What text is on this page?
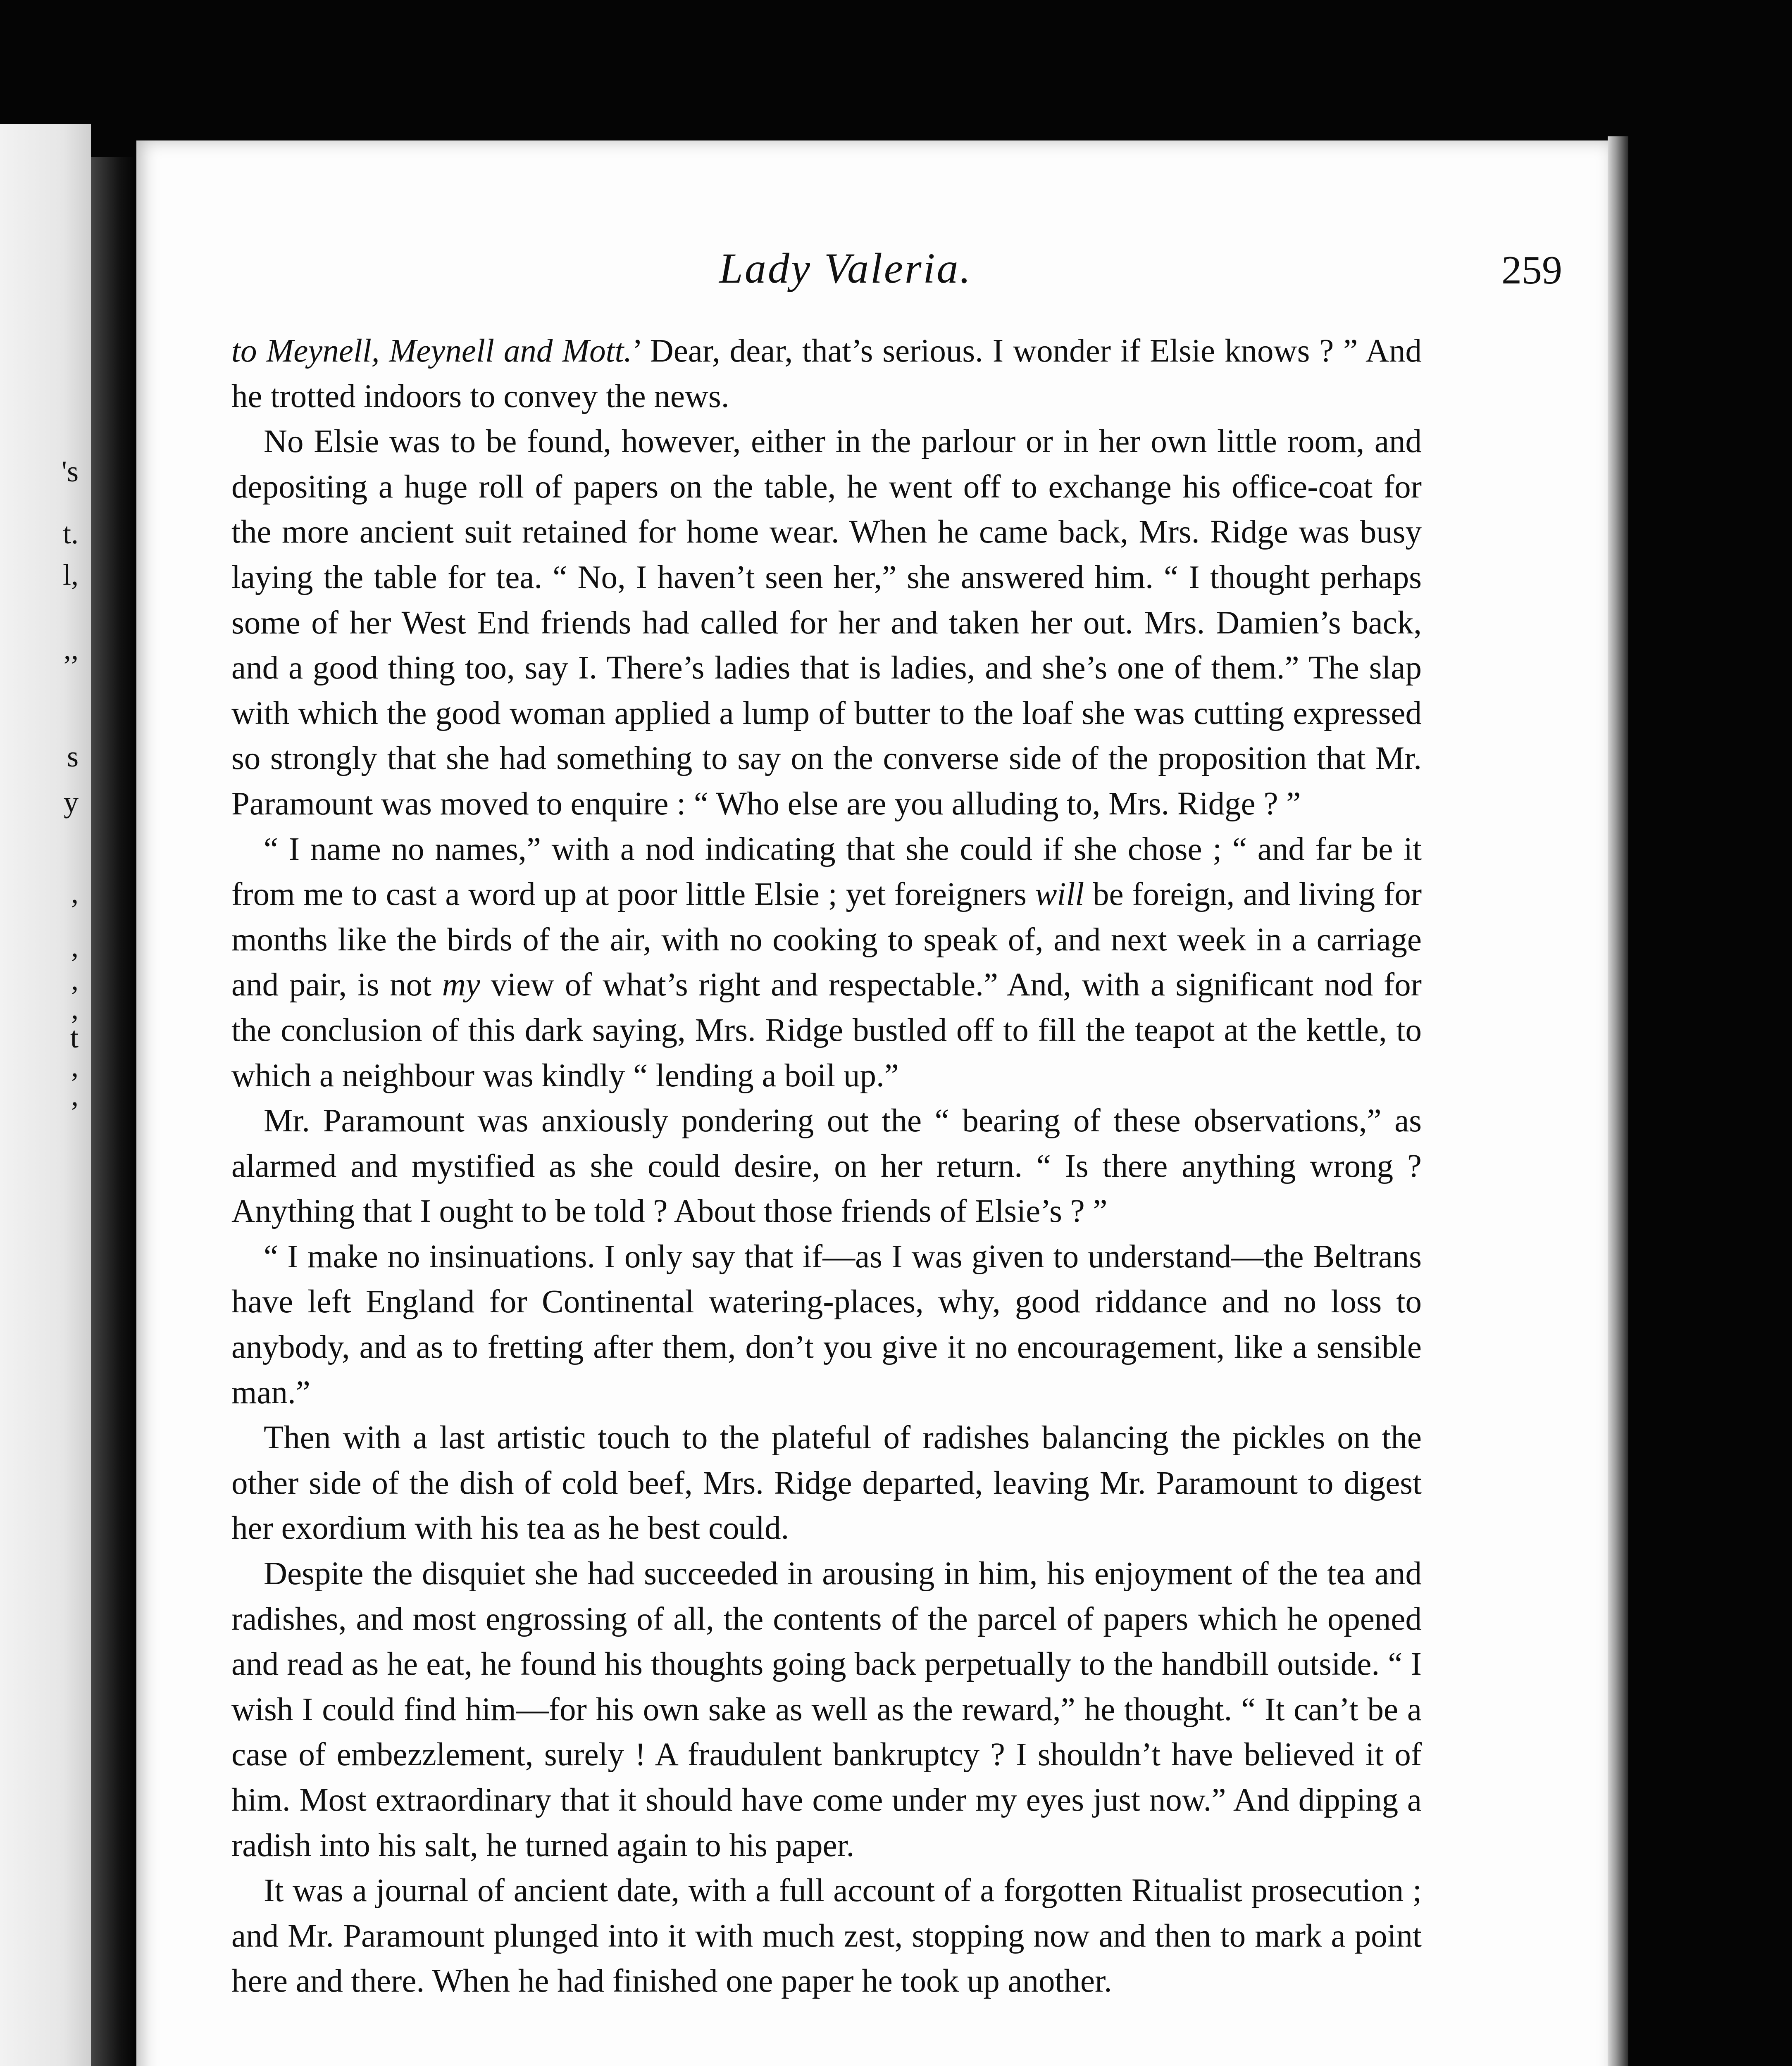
's
t.
l,
,,
s
y
,
,
,
,
t
,
,
Lady Valeria.	259

to Meynell, Meynell and Mott.’ Dear, dear, that’s serious. I wonder if Elsie knows ? ” And he trotted indoors to convey the news.

No Elsie was to be found, however, either in the parlour or in her own little room, and depositing a huge roll of papers on the table, he went off to exchange his office-coat for the more ancient suit retained for home wear. When he came back, Mrs. Ridge was busy laying the table for tea. “ No, I haven’t seen her,” she answered him. “ I thought perhaps some of her West End friends had called for her and taken her out. Mrs. Damien’s back, and a good thing too, say I. There’s ladies that is ladies, and she’s one of them.” The slap with which the good woman applied a lump of butter to the loaf she was cutting expressed so strongly that she had something to say on the converse side of the proposition that Mr. Paramount was moved to enquire : “ Who else are you alluding to, Mrs. Ridge ? ”

“ I name no names,” with a nod indicating that she could if she chose ; “ and far be it from me to cast a word up at poor little Elsie ; yet foreigners will be foreign, and living for months like the birds of the air, with no cooking to speak of, and next week in a carriage and pair, is not my view of what’s right and respectable.” And, with a significant nod for the conclusion of this dark saying, Mrs. Ridge bustled off to fill the teapot at the kettle, to which a neighbour was kindly “ lending a boil up.”

Mr. Paramount was anxiously pondering out the “ bearing of these observations,” as alarmed and mystified as she could desire, on her return. “ Is there anything wrong ? Anything that I ought to be told ? About those friends of Elsie’s ? ”

“ I make no insinuations. I only say that if—as I was given to understand—the Beltrans have left England for Continental watering-places, why, good riddance and no loss to anybody, and as to fretting after them, don’t you give it no encouragement, like a sensible man.”

Then with a last artistic touch to the plateful of radishes balancing the pickles on the other side of the dish of cold beef, Mrs. Ridge departed, leaving Mr. Paramount to digest her exordium with his tea as he best could.

Despite the disquiet she had succeeded in arousing in him, his enjoyment of the tea and radishes, and most engrossing of all, the contents of the parcel of papers which he opened and read as he eat, he found his thoughts going back perpetually to the handbill outside. “ I wish I could find him—for his own sake as well as the reward,” he thought. “ It can’t be a case of embezzlement, surely ! A fraudulent bankruptcy ? I shouldn’t have believed it of him. Most extraordinary that it should have come under my eyes just now.” And dipping a radish into his salt, he turned again to his paper.

It was a journal of ancient date, with a full account of a forgotten Ritualist prosecution ; and Mr. Paramount plunged into it with much zest, stopping now and then to mark a point here and there. When he had finished one paper he took up another.
